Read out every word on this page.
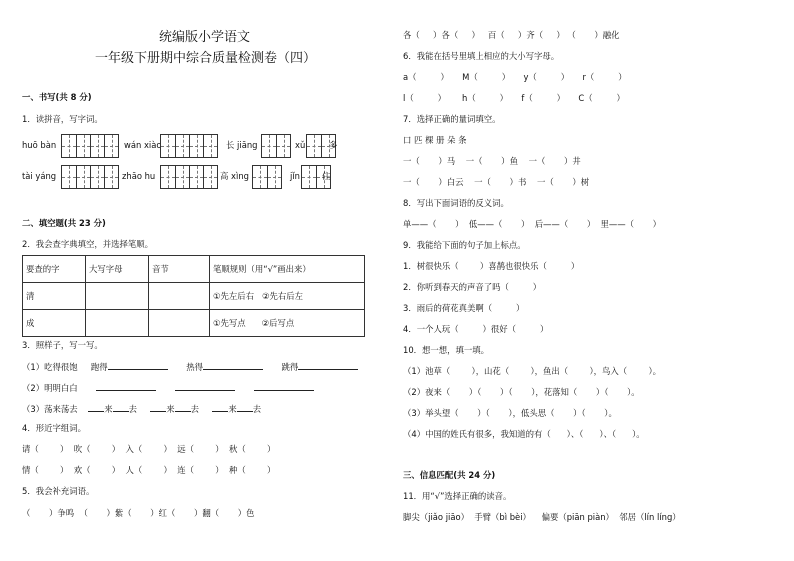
统编版小学语文
一年级下册期中综合质量检测卷（四）
一、书写(共 8 分)
1．读拼音，写字词。
huō bàn	wán xiào	长 jiāng	xǔ	多
tài yáng	zhāo hu	高 xìng	jǐn	住
二、填空题(共 23 分)
2．我会查字典填空，并选择笔顺。
要查的字	大写字母	音节	笔顺规则（用“√”画出来）
清			①先左后右 ②先右后左
成			①先写点 ②后写点
3．照样子，写一写。
（1）吃得很饱 跑得	热得	跳得
（2）明明白白
（3）荡来荡去	来 去	来 去	来 去
4．形近字组词。
请（        ）  吹（        ）  入（        ）  远（        ）  秋（        ）
情（        ）  欢（        ）  人（        ）  连（        ）  种（        ）
5．我会补充词语。
（       ）争鸣  （       ）紫（       ）红（       ）翻（       ）色
各（     ）各（     ）   百（     ）齐（     ） （       ）融化
6．我能在括号里填上相应的大小写字母。
a（         ）     M（         ）     y（         ）     r（         ）
l（         ）      h（         ）     f（         ）     C（         ）
7．选择正确的量词填空。
口 匹 棵 册 朵 条
一（       ）马 一（       ）鱼 一（       ）井
一（       ）白云 一（       ）书 一（       ）树
8．写出下面词语的反义词。
单——（       ）  低——（       ）  后——（       ）  里——（       ）
9．我能给下面的句子加上标点。
1．树很快乐（        ）喜鹊也很快乐（         ）
2．你听到春天的声音了吗（         ）
3．雨后的荷花真美啊（         ）
4．一个人玩（         ）很好（         ）
10．想一想，填一填。
（1）池草（        ），山花（        ），鱼出（        ），鸟入（        ）。
（2）夜来（       ）（       ）（       ），花落知（       ）（       ）。
（3）举头望（       ）（       ），低头思（       ）（       ）。
（4）中国的姓氏有很多，我知道的有（      ）、（      ）、（      ）。
三、信息匹配(共 24 分)
11．用“√”选择正确的读音。
脚尖（jiǎo jiāo） 手臂（bì bèi） 偏要（piān piàn） 邻居（lín líng）
